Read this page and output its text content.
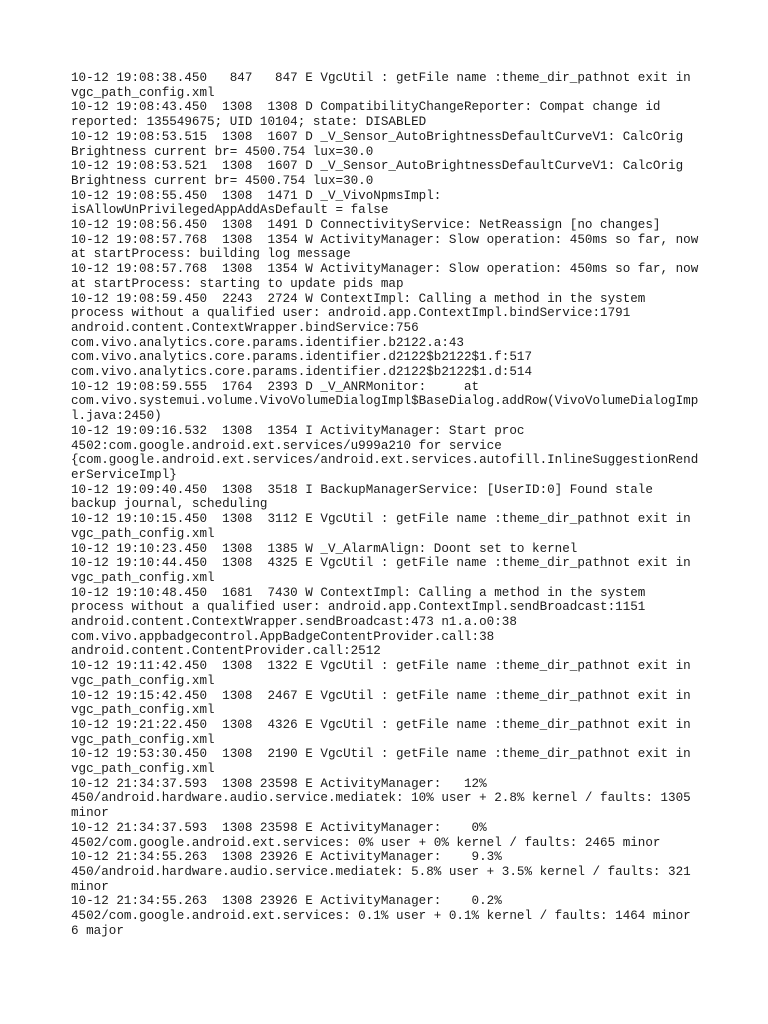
10-12 19:08:38.450   847   847 E VgcUtil : getFile name :theme_dir_pathnot exit in
vgc_path_config.xml
10-12 19:08:43.450  1308  1308 D CompatibilityChangeReporter: Compat change id
reported: 135549675; UID 10104; state: DISABLED
10-12 19:08:53.515  1308  1607 D _V_Sensor_AutoBrightnessDefaultCurveV1: CalcOrig
Brightness current br= 4500.754 lux=30.0
10-12 19:08:53.521  1308  1607 D _V_Sensor_AutoBrightnessDefaultCurveV1: CalcOrig
Brightness current br= 4500.754 lux=30.0
10-12 19:08:55.450  1308  1471 D _V_VivoNpmsImpl:
isAllowUnPrivilegedAppAddAsDefault = false
10-12 19:08:56.450  1308  1491 D ConnectivityService: NetReassign [no changes]
10-12 19:08:57.768  1308  1354 W ActivityManager: Slow operation: 450ms so far, now
at startProcess: building log message
10-12 19:08:57.768  1308  1354 W ActivityManager: Slow operation: 450ms so far, now
at startProcess: starting to update pids map
10-12 19:08:59.450  2243  2724 W ContextImpl: Calling a method in the system
process without a qualified user: android.app.ContextImpl.bindService:1791
android.content.ContextWrapper.bindService:756
com.vivo.analytics.core.params.identifier.b2122.a:43
com.vivo.analytics.core.params.identifier.d2122$b2122$1.f:517
com.vivo.analytics.core.params.identifier.d2122$b2122$1.d:514
10-12 19:08:59.555  1764  2393 D _V_ANRMonitor:     at
com.vivo.systemui.volume.VivoVolumeDialogImpl$BaseDialog.addRow(VivoVolumeDialogImp
l.java:2450)
10-12 19:09:16.532  1308  1354 I ActivityManager: Start proc
4502:com.google.android.ext.services/u999a210 for service
{com.google.android.ext.services/android.ext.services.autofill.InlineSuggestionRend
erServiceImpl}
10-12 19:09:40.450  1308  3518 I BackupManagerService: [UserID:0] Found stale
backup journal, scheduling
10-12 19:10:15.450  1308  3112 E VgcUtil : getFile name :theme_dir_pathnot exit in
vgc_path_config.xml
10-12 19:10:23.450  1308  1385 W _V_AlarmAlign: Doont set to kernel
10-12 19:10:44.450  1308  4325 E VgcUtil : getFile name :theme_dir_pathnot exit in
vgc_path_config.xml
10-12 19:10:48.450  1681  7430 W ContextImpl: Calling a method in the system
process without a qualified user: android.app.ContextImpl.sendBroadcast:1151
android.content.ContextWrapper.sendBroadcast:473 n1.a.o0:38
com.vivo.appbadgecontrol.AppBadgeContentProvider.call:38
android.content.ContentProvider.call:2512
10-12 19:11:42.450  1308  1322 E VgcUtil : getFile name :theme_dir_pathnot exit in
vgc_path_config.xml
10-12 19:15:42.450  1308  2467 E VgcUtil : getFile name :theme_dir_pathnot exit in
vgc_path_config.xml
10-12 19:21:22.450  1308  4326 E VgcUtil : getFile name :theme_dir_pathnot exit in
vgc_path_config.xml
10-12 19:53:30.450  1308  2190 E VgcUtil : getFile name :theme_dir_pathnot exit in
vgc_path_config.xml
10-12 21:34:37.593  1308 23598 E ActivityManager:   12%
450/android.hardware.audio.service.mediatek: 10% user + 2.8% kernel / faults: 1305
minor
10-12 21:34:37.593  1308 23598 E ActivityManager:    0%
4502/com.google.android.ext.services: 0% user + 0% kernel / faults: 2465 minor
10-12 21:34:55.263  1308 23926 E ActivityManager:    9.3%
450/android.hardware.audio.service.mediatek: 5.8% user + 3.5% kernel / faults: 321
minor
10-12 21:34:55.263  1308 23926 E ActivityManager:    0.2%
4502/com.google.android.ext.services: 0.1% user + 0.1% kernel / faults: 1464 minor
6 major
